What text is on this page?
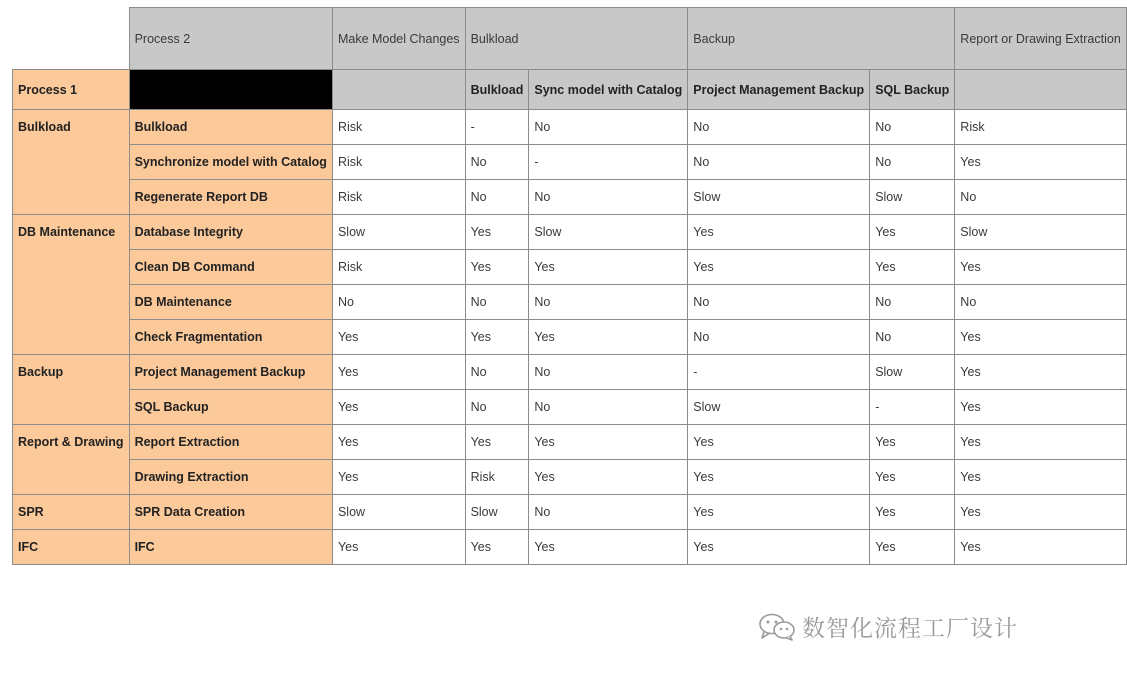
	Process 2	Make Model Changes	Bulkload		Backup		Report or Drawing Extraction
Process 1			Bulkload	Sync model with Catalog	Project Management Backup	SQL Backup	
Bulkload	Bulkload	Risk	-	No	No	No	Risk
	Synchronize model with Catalog	Risk	No	-	No	No	Yes
	Regenerate Report DB	Risk	No	No	Slow	Slow	No
DB Maintenance	Database Integrity	Slow	Yes	Slow	Yes	Yes	Slow
	Clean DB Command	Risk	Yes	Yes	Yes	Yes	Yes
	DB Maintenance	No	No	No	No	No	No
	Check Fragmentation	Yes	Yes	Yes	No	No	Yes
Backup	Project Management Backup	Yes	No	No	-	Slow	Yes
	SQL Backup	Yes	No	No	Slow	-	Yes
Report & Drawing	Report Extraction	Yes	Yes	Yes	Yes	Yes	Yes
	Drawing Extraction	Yes	Risk	Yes	Yes	Yes	Yes
SPR	SPR Data Creation	Slow	Slow	No	Yes	Yes	Yes
IFC	IFC	Yes	Yes	Yes	Yes	Yes	Yes
数智化流程工厂设计
